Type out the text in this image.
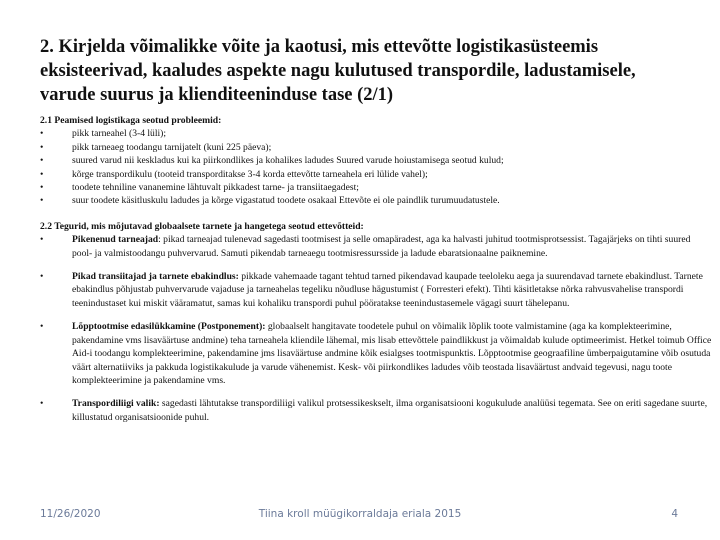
2. Kirjelda võimalikke võite ja kaotusi, mis ettevõtte logistikasüsteemis eksisteerivad, kaaludes aspekte nagu kulutused transpordile, ladustamisele, varude suurus ja klienditeeninduse tase (2/1)
2.1 Peamised logistikaga seotud probleemid:
•	pikk tarneahel (3-4 lüli);
•	pikk tarneaeg toodangu tarnijatelt (kuni 225 päeva);
•	suured varud nii keskladus kui ka piirkondlikes ja kohalikes ladudes Suured varude hoiustamisega seotud kulud;
•	kõrge transpordikulu (tooteid transporditakse 3-4 korda ettevõtte tarneahela eri lülide vahel);
•	toodete tehniline vananemine lähtuvalt pikkadest tarne- ja transiitaegadest;
•	suur toodete käsitluskulu ladudes ja kõrge vigastatud toodete osakaal Ettevõte ei ole paindlik turumuudatustele.
2.2 Tegurid, mis mõjutavad globaalsete tarnete ja hangetega seotud ettevõtteid:
•	Pikenenud tarneajad: pikad tarneajad tulenevad sagedasti tootmisest ja selle omapäradest, aga ka halvasti juhitud tootmisprotsessist. Tagajärjeks on tihti suured pool- ja valmistoodangu puhvervarud. Samuti pikendab tarneaegu tootmisressursside ja ladude ebaratsionaalne paiknemine.
•	Pikad transiitajad ja tarnete ebakindlus: pikkade vahemaade tagant tehtud tarned pikendavad kaupade teeloleku aega ja suurendavad tarnete ebakindlust. Tarnete ebakindlus põhjustab puhvervarude vajaduse ja tarneahelas tegeliku nõudluse hägustumist ( Forresteri efekt). Tihti käsitletakse nõrka rahvusvahelise transpordi teenindustaset kui miskit vääramatut, samas kui kohaliku transpordi puhul pööratakse teenindustasemele vägagi suurt tähelepanu.
•	Lõpptootmise edasilükkamine (Postponement): globaalselt hangitavate toodetele puhul on võimalik lõplik toote valmistamine (aga ka komplekteerimine, pakendamine vms lisaväärtuse andmine) teha tarneahela kliendile lähemal, mis lisab ettevõttele paindlikkust ja võimaldab kulude optimeerimist. Hetkel toimub Office Aid-i toodangu komplekteerimine, pakendamine jms lisaväärtuse andmine kõik esialgses tootmispunktis. Lõpptootmise geograafiline ümberpaigutamine võib osutuda väärt alternatiiviks ja pakkuda logistikakulude ja varude vähenemist. Kesk- või piirkondlikes ladudes võib teostada lisaväärtust andvaid tegevusi, nagu toote komplekteerimine ja pakendamine vms.
•	Transpordiliigi valik: sagedasti lähtutakse transpordiliigi valikul protsessikeskselt, ilma organisatsiooni kogukulude analüüsi tegemata. See on eriti sagedane suurte, killustatud organisatsioonide puhul.
11/26/2020	Tiina kroll müügikorraldaja eriala 2015	4
